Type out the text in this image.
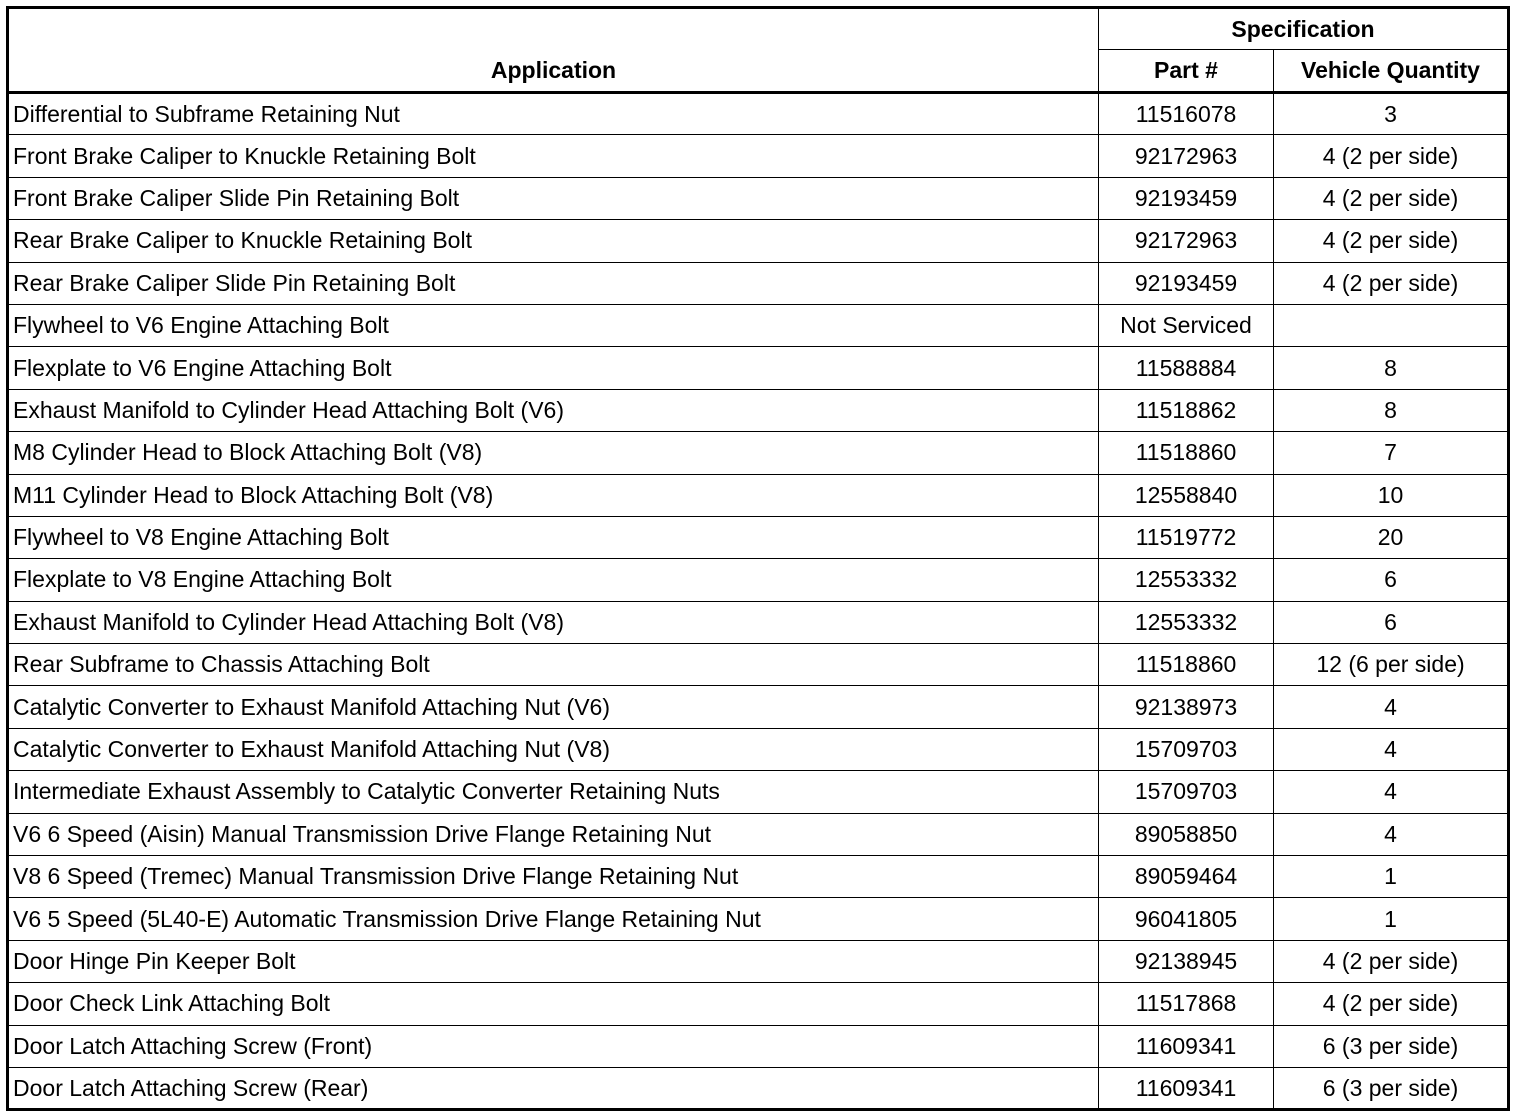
Application	Specification	
	Part #	Vehicle Quantity
Differential to Subframe Retaining Nut	11516078	3
Front Brake Caliper to Knuckle Retaining Bolt	92172963	4 (2 per side)
Front Brake Caliper Slide Pin Retaining Bolt	92193459	4 (2 per side)
Rear Brake Caliper to Knuckle Retaining Bolt	92172963	4 (2 per side)
Rear Brake Caliper Slide Pin Retaining Bolt	92193459	4 (2 per side)
Flywheel to V6 Engine Attaching Bolt	Not Serviced	
Flexplate to V6 Engine Attaching Bolt	11588884	8
Exhaust Manifold to Cylinder Head Attaching Bolt (V6)	11518862	8
M8 Cylinder Head to Block Attaching Bolt (V8)	11518860	7
M11 Cylinder Head to Block Attaching Bolt (V8)	12558840	10
Flywheel to V8 Engine Attaching Bolt	11519772	20
Flexplate to V8 Engine Attaching Bolt	12553332	6
Exhaust Manifold to Cylinder Head Attaching Bolt (V8)	12553332	6
Rear Subframe to Chassis Attaching Bolt	11518860	12 (6 per side)
Catalytic Converter to Exhaust Manifold Attaching Nut (V6)	92138973	4
Catalytic Converter to Exhaust Manifold Attaching Nut (V8)	15709703	4
Intermediate Exhaust Assembly to Catalytic Converter Retaining Nuts	15709703	4
V6 6 Speed (Aisin) Manual Transmission Drive Flange Retaining Nut	89058850	4
V8 6 Speed (Tremec) Manual Transmission Drive Flange Retaining Nut	89059464	1
V6 5 Speed (5L40-E) Automatic Transmission Drive Flange Retaining Nut	96041805	1
Door Hinge Pin Keeper Bolt	92138945	4 (2 per side)
Door Check Link Attaching Bolt	11517868	4 (2 per side)
Door Latch Attaching Screw (Front)	11609341	6 (3 per side)
Door Latch Attaching Screw (Rear)	11609341	6 (3 per side)
